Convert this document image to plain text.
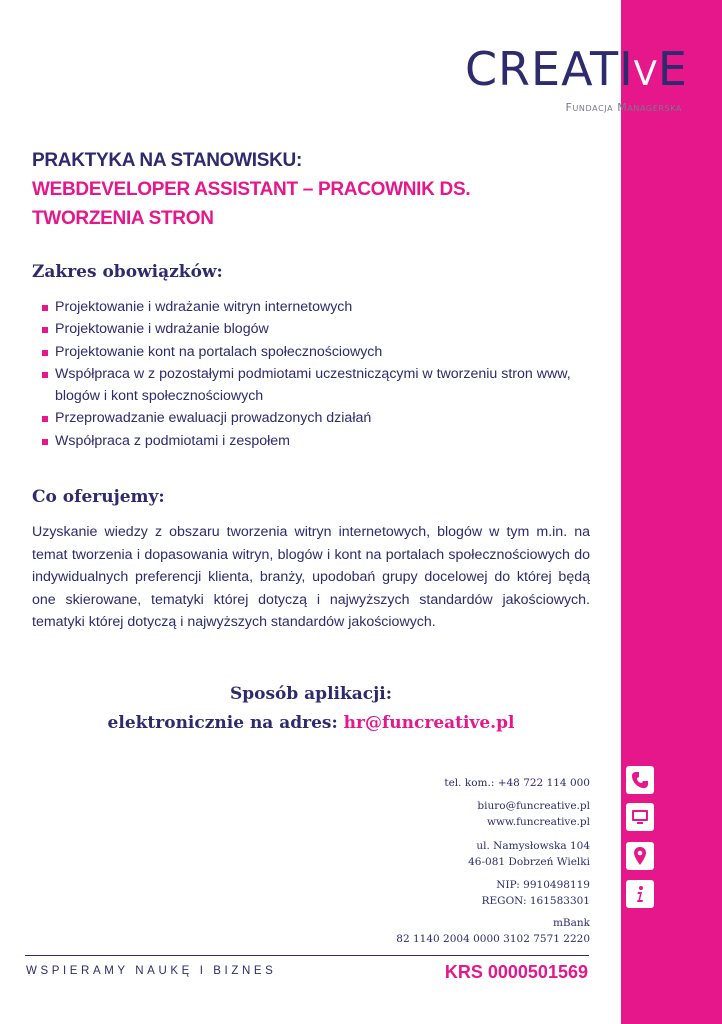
CREATIVE
Fundacja Managerska
PRAKTYKA NA STANOWISKU:
WEBDEVELOPER ASSISTANT – PRACOWNIK DS. TWORZENIA STRON
Zakres obowiązków:
Projektowanie i wdrażanie witryn internetowych
Projektowanie i wdrażanie blogów
Projektowanie kont na portalach społecznościowych
Współpraca w z pozostałymi podmiotami uczestniczącymi w tworzeniu stron www, blogów i kont społecznościowych
Przeprowadzanie ewaluacji prowadzonych działań
Współpraca z podmiotami i zespołem
Co oferujemy:
Uzyskanie wiedzy z obszaru tworzenia witryn internetowych, blogów w tym m.in. na temat tworzenia i dopasowania witryn, blogów i kont na portalach społecznościowych do indywidualnych preferencji klienta, branży, upodobań grupy docelowej do której będą one skierowane, tematyki której dotyczą i najwyższych standardów jakościowych. tematyki której dotyczą i najwyższych standardów jakościowych.
Sposób aplikacji:
elektronicznie na adres: hr@funcreative.pl
tel. kom.: +48 722 114 000
biuro@funcreative.pl
www.funcreative.pl
ul. Namysłowska 104
46-081 Dobrzeń Wielki
NIP: 9910498119
REGON: 161583301
mBank
82 1140 2004 0000 3102 7571 2220
WSPIERAMY NAUKĘ I BIZNES	KRS 0000501569
